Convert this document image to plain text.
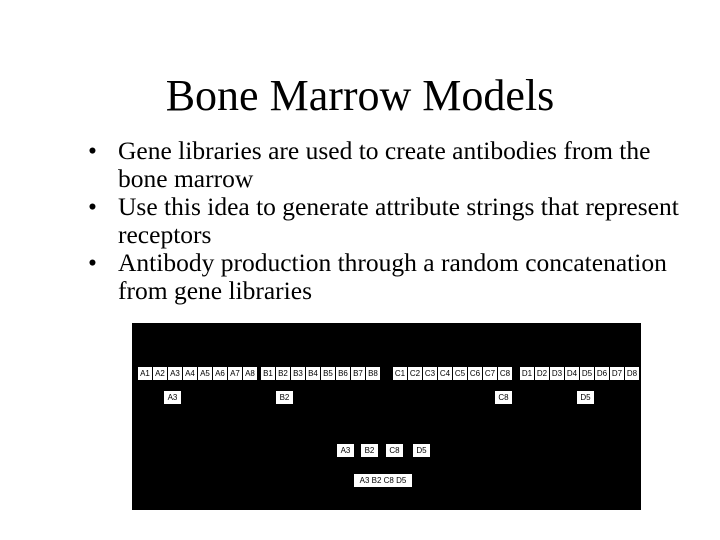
Bone Marrow Models
• Gene libraries are used to create antibodies from the bone marrow
• Use this idea to generate attribute strings that represent receptors
• Antibody production through a random concatenation from gene libraries
A1 A2 A3 A4 A5 A6 A7 A8 B1 B2 B3 B4 B5 B6 B7 B8 C1 C2 C3 C4 C5 C6 C7 C8 D1 D2 D3 D4 D5 D6 D7 D8
A3	B2	C8	D5
A3	B2	C8	D5
A3 B2 C8 D5
